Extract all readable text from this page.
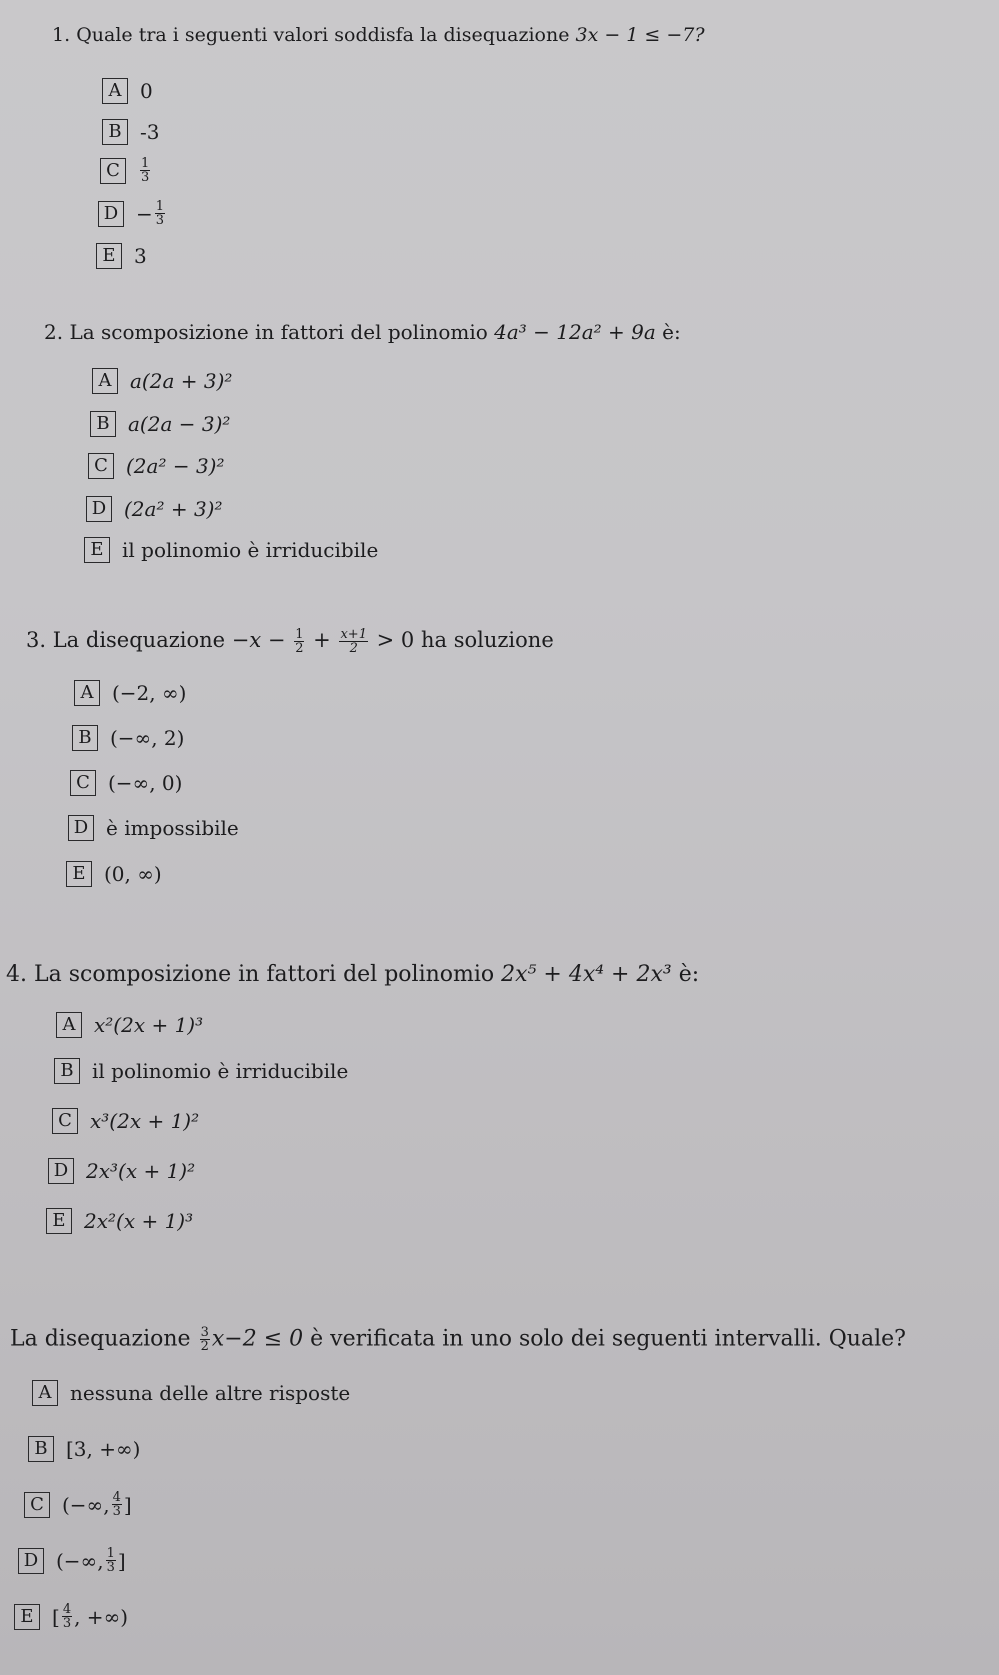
1. Quale tra i seguenti valori soddisfa la disequazione 3x − 1 ≤ −7?
A 0
B -3
C	$\frac{1}{3}$
$D - \frac{1}{3}$
E 3
2. La scomposizione in fattori del polinomio 4a³ − 12a² + 9a è:
A a(2a + 3)²
B a(2a − 3)²
C (2a² − 3)²
D (2a² + 3)²
E il polinomio è irriducibile
3. La disequazione $-x - \frac{1}{2} + \frac{x+1}{2} > 0$ ha soluzione
A (−2, ∞)
B (−∞, 2)
C (−∞, 0)
D è impossibile
E (0, ∞)
4. La scomposizione in fattori del polinomio 2x⁵ + 4x⁴ + 2x³ è:
A x²(2x + 1)³
B il polinomio è irriducibile
C x³(2x + 1)²
D 2x³(x + 1)²
E 2x²(x + 1)³
La disequazione $\frac{3}{2} x-2 \le 0$ è verificata in uno solo dei seguenti intervalli. Quale?
A nessuna delle altre risposte
B [3, +∞)
C (−∞, $\frac{4}{3}$ ]
D (−∞, $\frac{1}{3}$ ]
E [ $\frac{4}{3}$ , +∞)
